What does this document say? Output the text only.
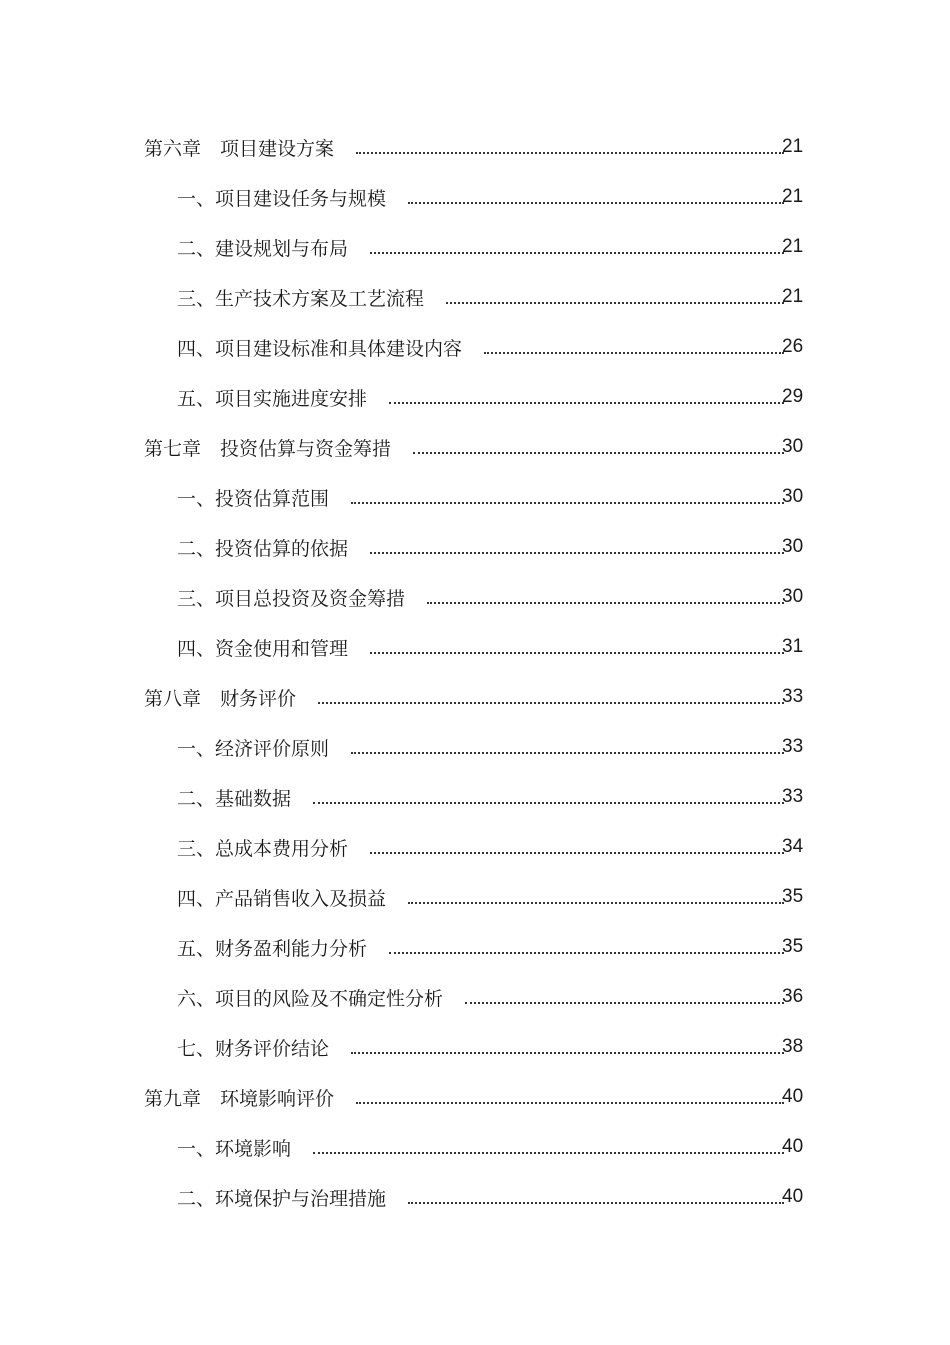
第六章　项目建设方案	21
一、项目建设任务与规模	21
二、建设规划与布局	21
三、生产技术方案及工艺流程	21
四、项目建设标准和具体建设内容	26
五、项目实施进度安排	29
第七章　投资估算与资金筹措	30
一、投资估算范围	30
二、投资估算的依据	30
三、项目总投资及资金筹措	30
四、资金使用和管理	31
第八章　财务评价	33
一、经济评价原则	33
二、基础数据	33
三、总成本费用分析	34
四、产品销售收入及损益	35
五、财务盈利能力分析	35
六、项目的风险及不确定性分析	36
七、财务评价结论	38
第九章　环境影响评价	40
一、环境影响	40
二、环境保护与治理措施	40
